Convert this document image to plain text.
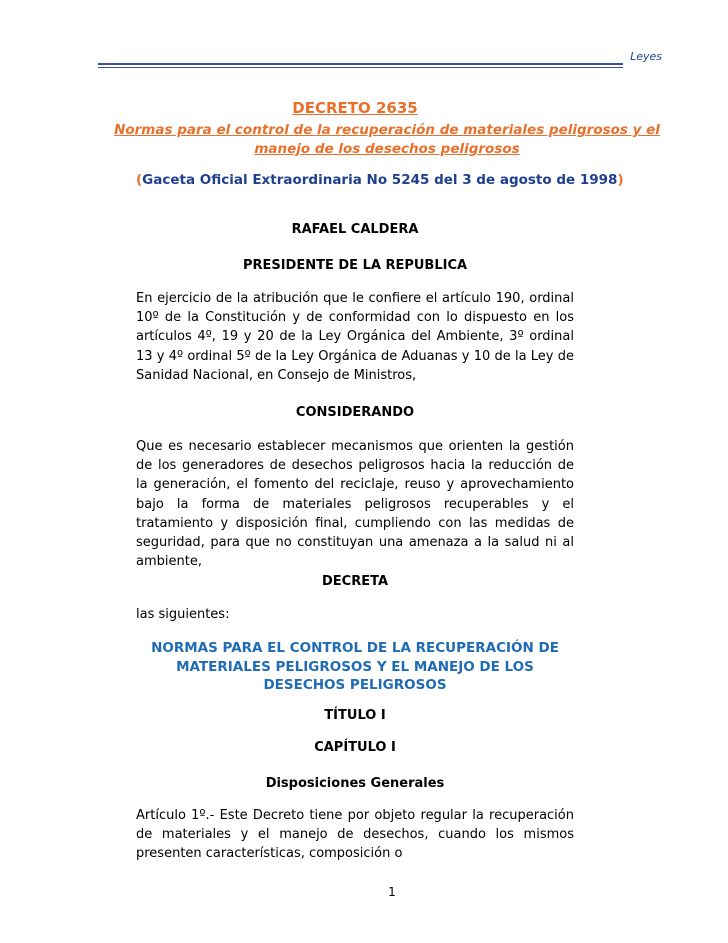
Leyes
DECRETO 2635
Normas para el control de la recuperación de materiales peligrosos y el manejo de los desechos peligrosos
(Gaceta Oficial Extraordinaria No 5245 del 3 de agosto de 1998)
RAFAEL CALDERA
PRESIDENTE DE LA REPUBLICA
En ejercicio de la atribución que le confiere el artículo 190, ordinal 10º de la Constitución y de conformidad con lo dispuesto en los artículos 4º, 19 y 20 de la Ley Orgánica del Ambiente, 3º ordinal 13 y 4º ordinal 5º de la Ley Orgánica de Aduanas y 10 de la Ley de Sanidad Nacional, en Consejo de Ministros,
CONSIDERANDO
Que es necesario establecer mecanismos que orienten la gestión de los generadores de desechos peligrosos hacia la reducción de la generación, el fomento del reciclaje, reuso y aprovechamiento bajo la forma de materiales peligrosos recuperables y el tratamiento y disposición final, cumpliendo con las medidas de seguridad, para que no constituyan una amenaza a la salud ni al ambiente,
DECRETA
las siguientes:
NORMAS PARA EL CONTROL DE LA RECUPERACIÓN DE MATERIALES PELIGROSOS Y EL MANEJO DE LOS DESECHOS PELIGROSOS
TÍTULO I
CAPÍTULO I
Disposiciones Generales
Artículo 1º.- Este Decreto tiene por objeto regular la recuperación de materiales y el manejo de desechos, cuando los mismos presenten características, composición o
1
